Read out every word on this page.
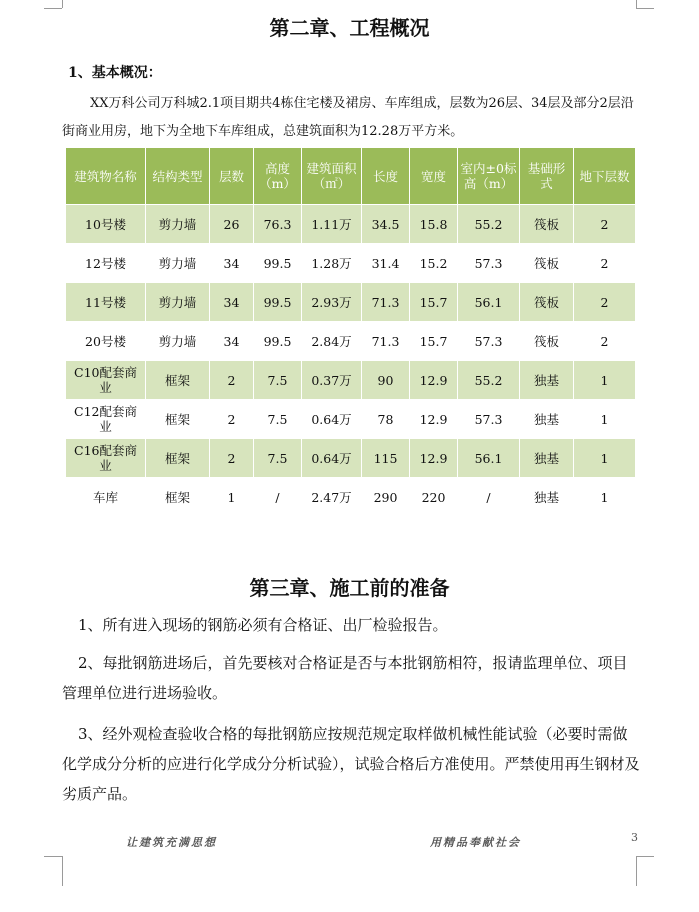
第二章、工程概况
1、基本概况：
XX万科公司万科城2.1项目期共4栋住宅楼及裙房、车库组成，层数为26层、34层及部分2层沿街商业用房，地下为全地下车库组成，总建筑面积为12.28万平方米。
建筑物名称	结构类型	层数	高度（m）	建筑面积（㎡）	长度	宽度	室内±0标高（m）	基础形式	地下层数
10号楼	剪力墙	26	76.3	1.11万	34.5	15.8	55.2	筏板	2
12号楼	剪力墙	34	99.5	1.28万	31.4	15.2	57.3	筏板	2
11号楼	剪力墙	34	99.5	2.93万	71.3	15.7	56.1	筏板	2
20号楼	剪力墙	34	99.5	2.84万	71.3	15.7	57.3	筏板	2
C10配套商业	框架	2	7.5	0.37万	90	12.9	55.2	独基	1
C12配套商业	框架	2	7.5	0.64万	78	12.9	57.3	独基	1
C16配套商业	框架	2	7.5	0.64万	115	12.9	56.1	独基	1
车库	框架	1	/	2.47万	290	220	/	独基	1
第三章、施工前的准备
1、所有进入现场的钢筋必须有合格证、出厂检验报告。
2、每批钢筋进场后，首先要核对合格证是否与本批钢筋相符，报请监理单位、项目管理单位进行进场验收。
3、经外观检查验收合格的每批钢筋应按规范规定取样做机械性能试验（必要时需做化学成分分析的应进行化学成分分析试验），试验合格后方准使用。严禁使用再生钢材及劣质产品。
让建筑充满思想	用精品奉献社会	3
